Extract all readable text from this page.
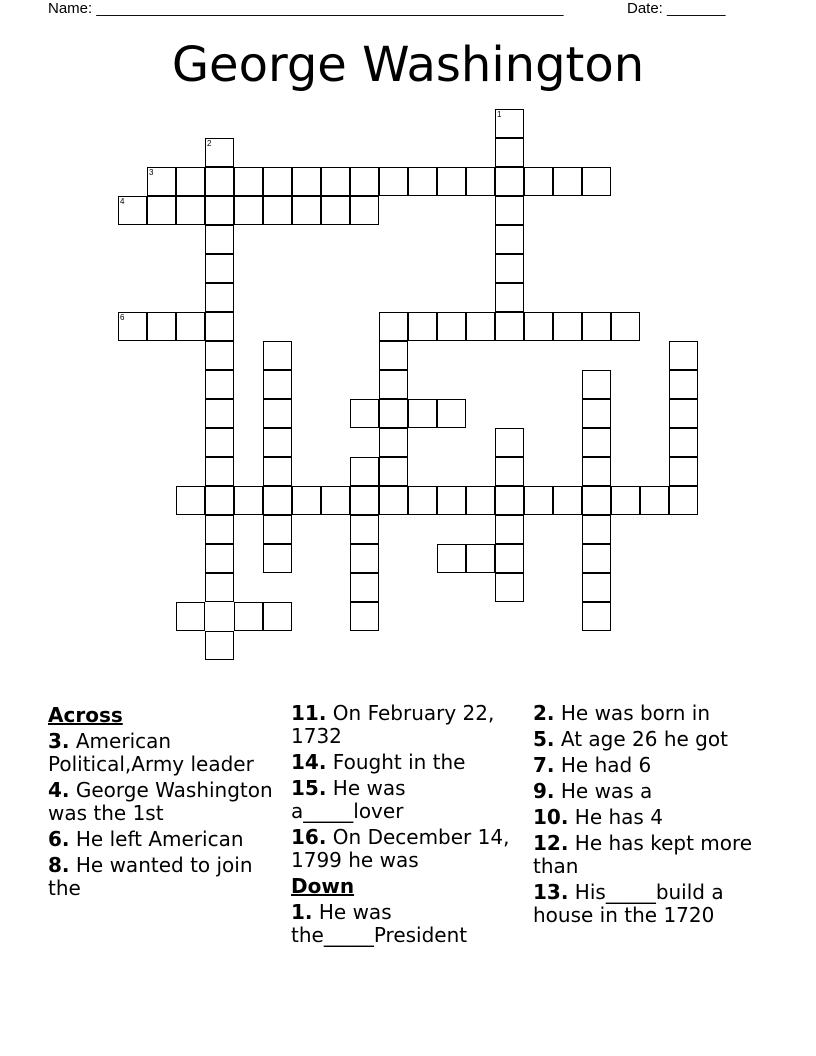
Name: ________________________________________________________	Date: _______
George Washington
1
2
3
4
6
Across
3. American Political,Army leader
4. George Washington was the 1st
6. He left American
8. He wanted to join the
11. On February 22, 1732
14. Fought in the
15. He was a_____lover
16. On December 14, 1799 he was
Down
1. He was the_____President
2. He was born in
5. At age 26 he got
7. He had 6
9. He was a
10. He has 4
12. He has kept more than
13. His_____build a house in the 1720
